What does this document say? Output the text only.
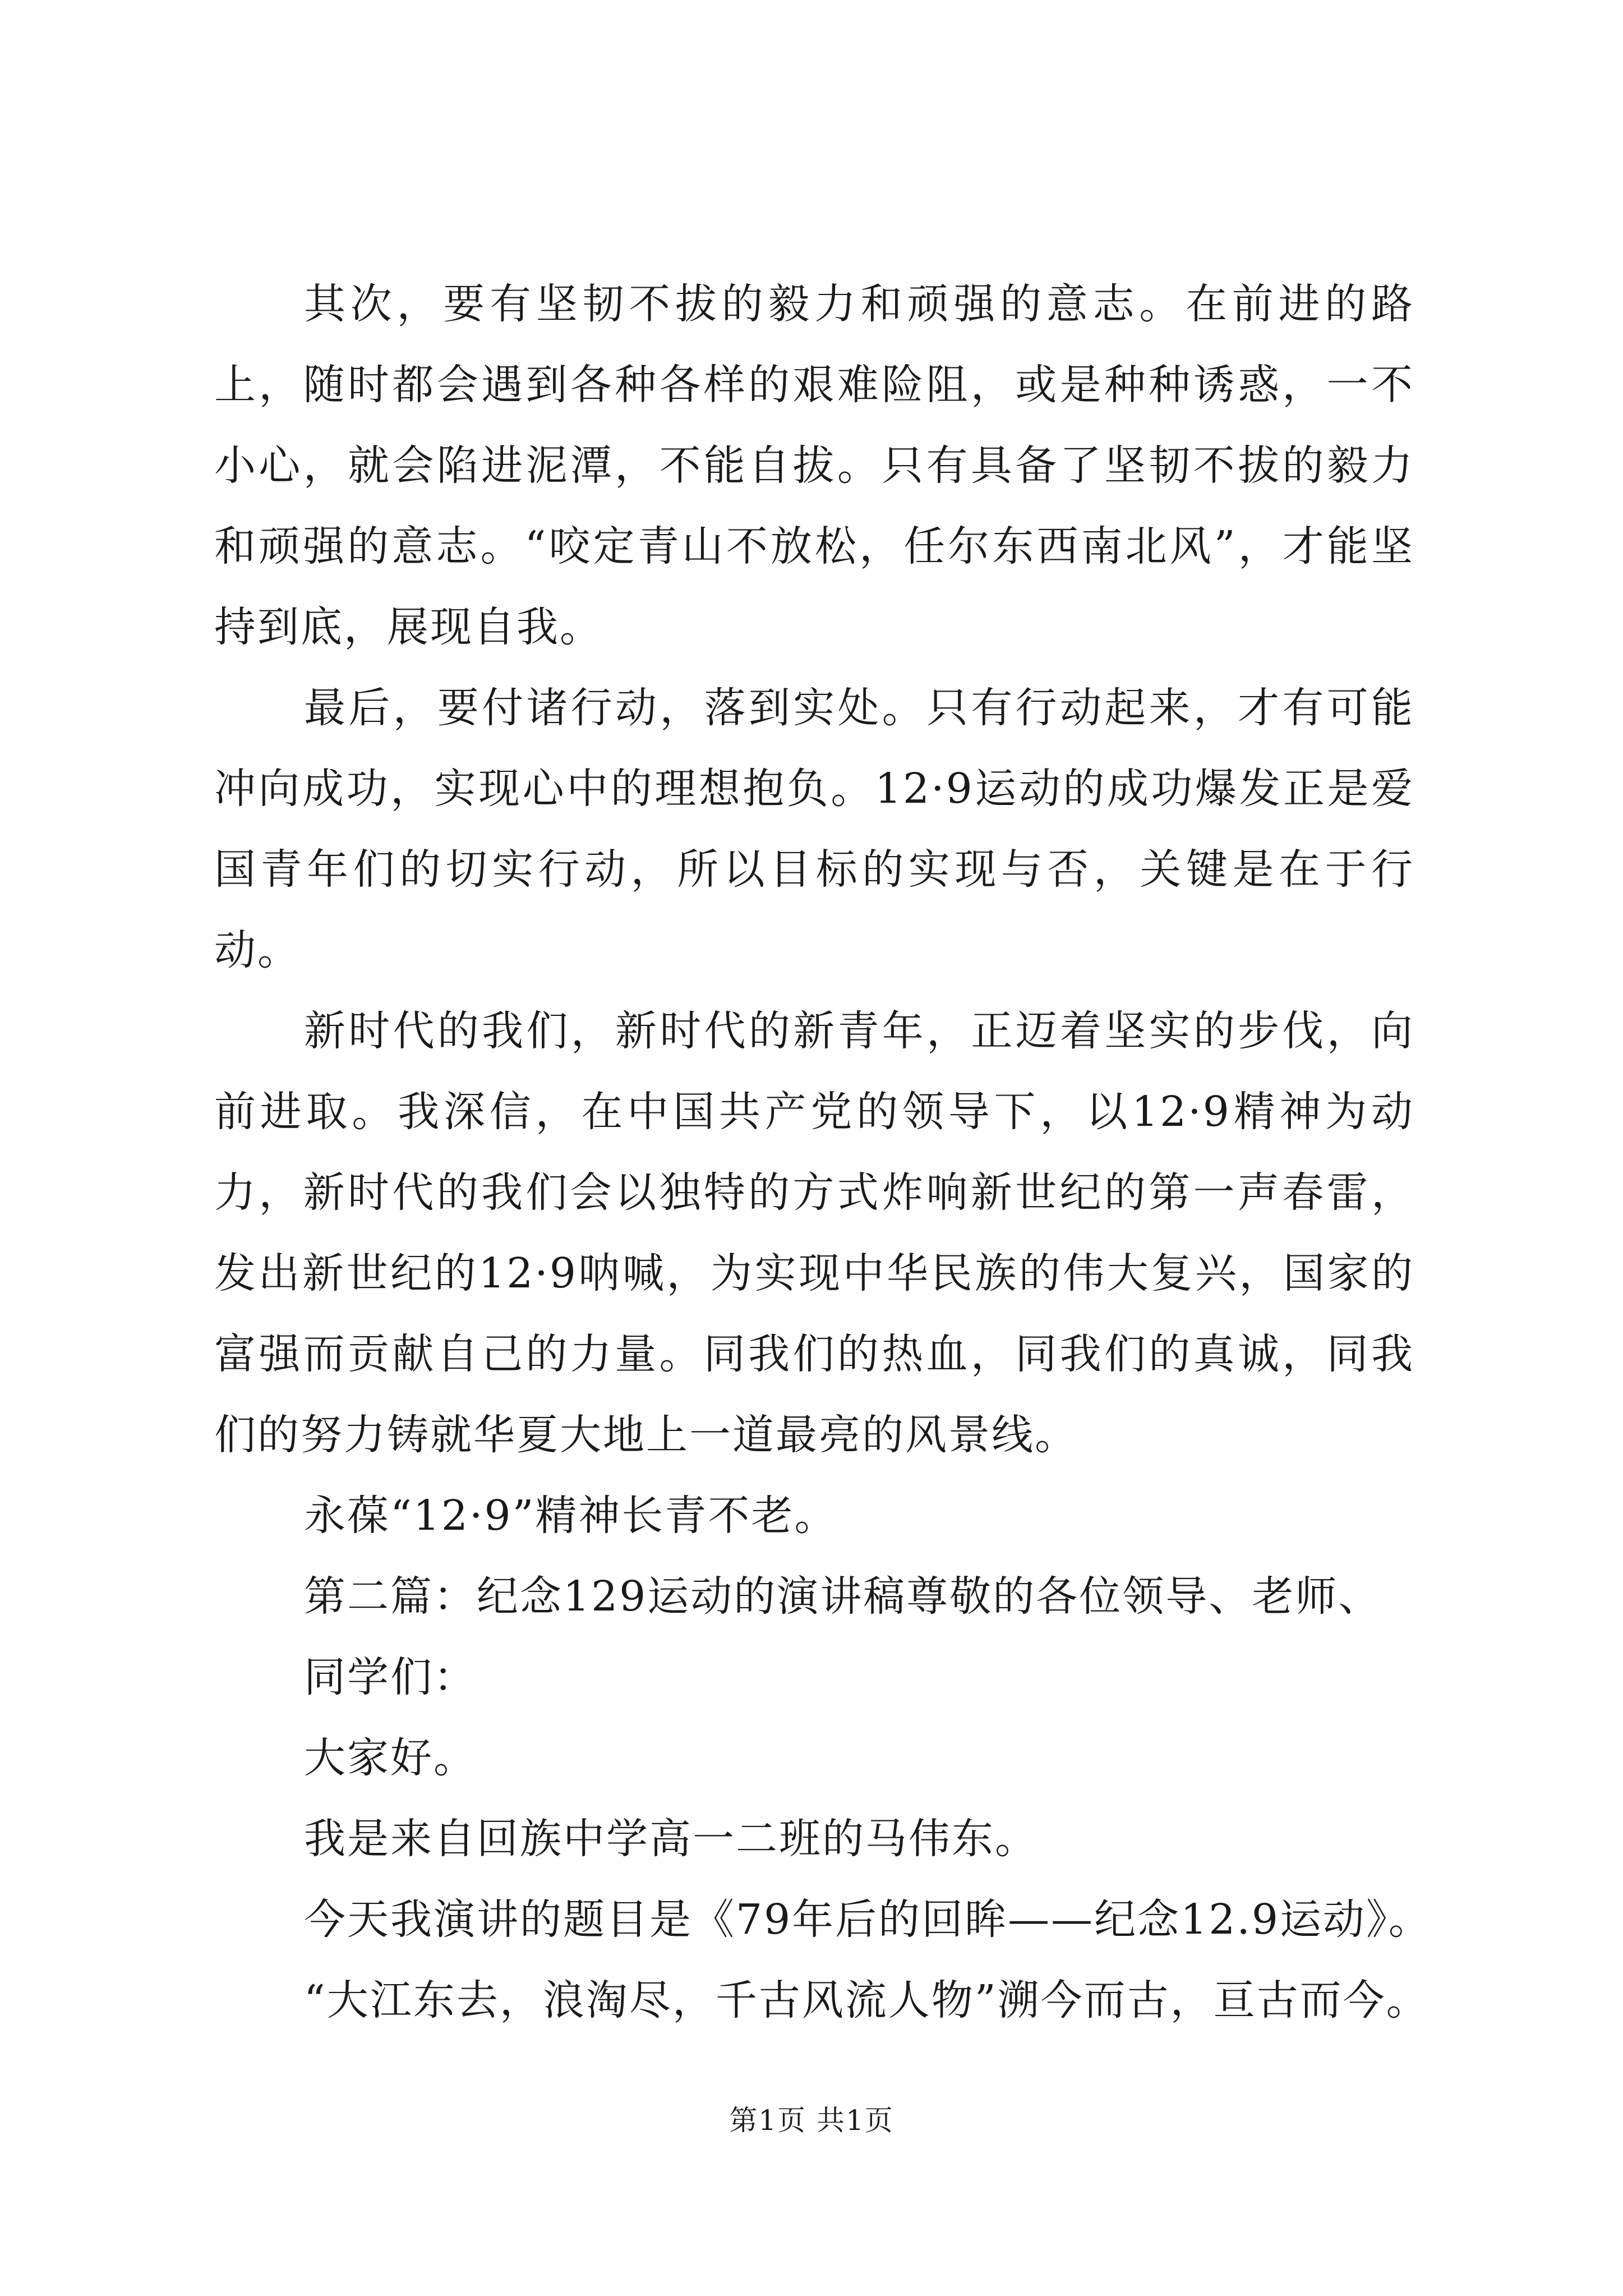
其次，要有坚韧不拔的毅力和顽强的意志。在前进的路上，随时都会遇到各种各样的艰难险阻，或是种种诱惑，一不小心，就会陷进泥潭，不能自拔。只有具备了坚韧不拔的毅力和顽强的意志。“咬定青山不放松，任尔东西南北风”，才能坚持到底，展现自我。

最后，要付诸行动，落到实处。只有行动起来，才有可能冲向成功，实现心中的理想抱负。12·9运动的成功爆发正是爱国青年们的切实行动，所以目标的实现与否，关键是在于行动。

新时代的我们，新时代的新青年，正迈着坚实的步伐，向前进取。我深信，在中国共产党的领导下，以12·9精神为动力，新时代的我们会以独特的方式炸响新世纪的第一声春雷，发出新世纪的12·9呐喊，为实现中华民族的伟大复兴，国家的富强而贡献自己的力量。同我们的热血，同我们的真诚，同我们的努力铸就华夏大地上一道最亮的风景线。

永葆“12·9”精神长青不老。

第二篇：纪念129运动的演讲稿尊敬的各位领导、老师、

同学们：

大家好。

我是来自回族中学高一二班的马伟东。

今天我演讲的题目是《79年后的回眸——纪念12.9运动》。

“大江东去，浪淘尽，千古风流人物”溯今而古，亘古而今。

第1页 共1页
